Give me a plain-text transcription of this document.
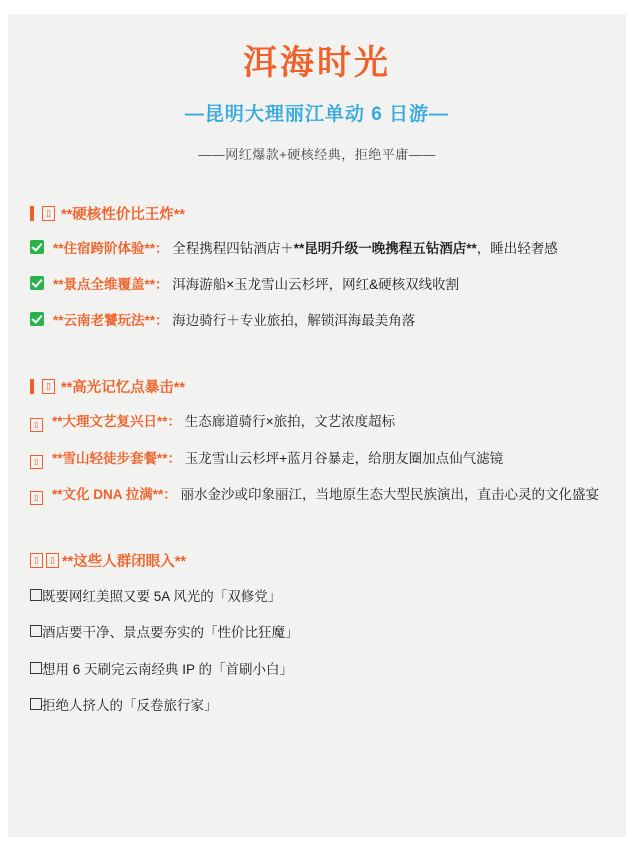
洱海时光
—昆明大理丽江单动 6 日游—
——网红爆款+硬核经典，拒绝平庸——
▯ **硬核性价比王炸**
**住宿跨阶体验**： 全程携程四钻酒店＋**昆明升级一晚携程五钻酒店**，睡出轻奢感
**景点全维覆盖**： 洱海游船×玉龙雪山云杉坪，网红&硬核双线收割
**云南老饕玩法**： 海边骑行＋专业旅拍，解锁洱海最美角落
▯ **高光记忆点暴击**
▯ **大理文艺复兴日**： 生态廊道骑行×旅拍，文艺浓度超标
▯ **雪山轻徒步套餐**： 玉龙雪山云杉坪+蓝月谷暴走，给朋友圈加点仙气滤镜
▯ **文化 DNA 拉满**： 丽水金沙或印象丽江，当地原生态大型民族演出，直击心灵的文化盛宴
▯	▯ **这些人群闭眼入**
既要网红美照又要 5A 风光的「双修党」
酒店要干净、景点要夯实的「性价比狂魔」
想用 6 天刷完云南经典 IP 的「首刷小白」
拒绝人挤人的「反卷旅行家」
